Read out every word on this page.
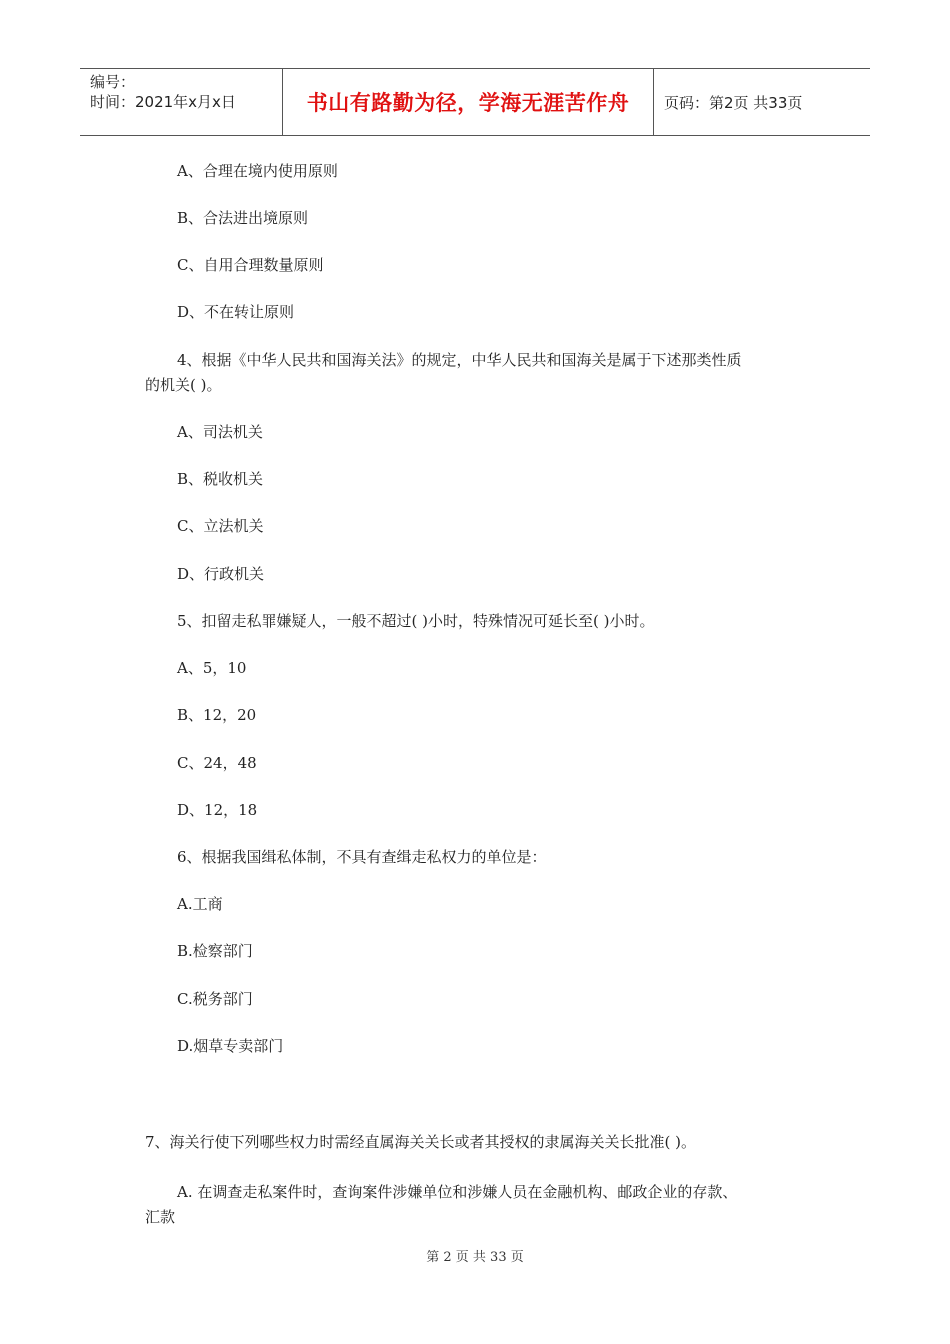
编号：
时间：2021年x月x日	书山有路勤为径，学海无涯苦作舟 页码：第2页 共33页
A、合理在境内使用原则
B、合法进出境原则
C、自用合理数量原则
D、不在转让原则
4、根据《中华人民共和国海关法》的规定，中华人民共和国海关是属于下述那类性质
的机关( )。
A、司法机关
B、税收机关
C、立法机关
D、行政机关
5、扣留走私罪嫌疑人，一般不超过( )小时，特殊情况可延长至( )小时。
A、5，10
B、12，20
C、24，48
D、12，18
6、根据我国缉私体制，不具有查缉走私权力的单位是：
A.工商
B.检察部门
C.税务部门
D.烟草专卖部门
7、海关行使下列哪些权力时需经直属海关关长或者其授权的隶属海关关长批准( )。
A. 在调查走私案件时，查询案件涉嫌单位和涉嫌人员在金融机构、邮政企业的存款、
汇款
第 2 页 共 33 页
